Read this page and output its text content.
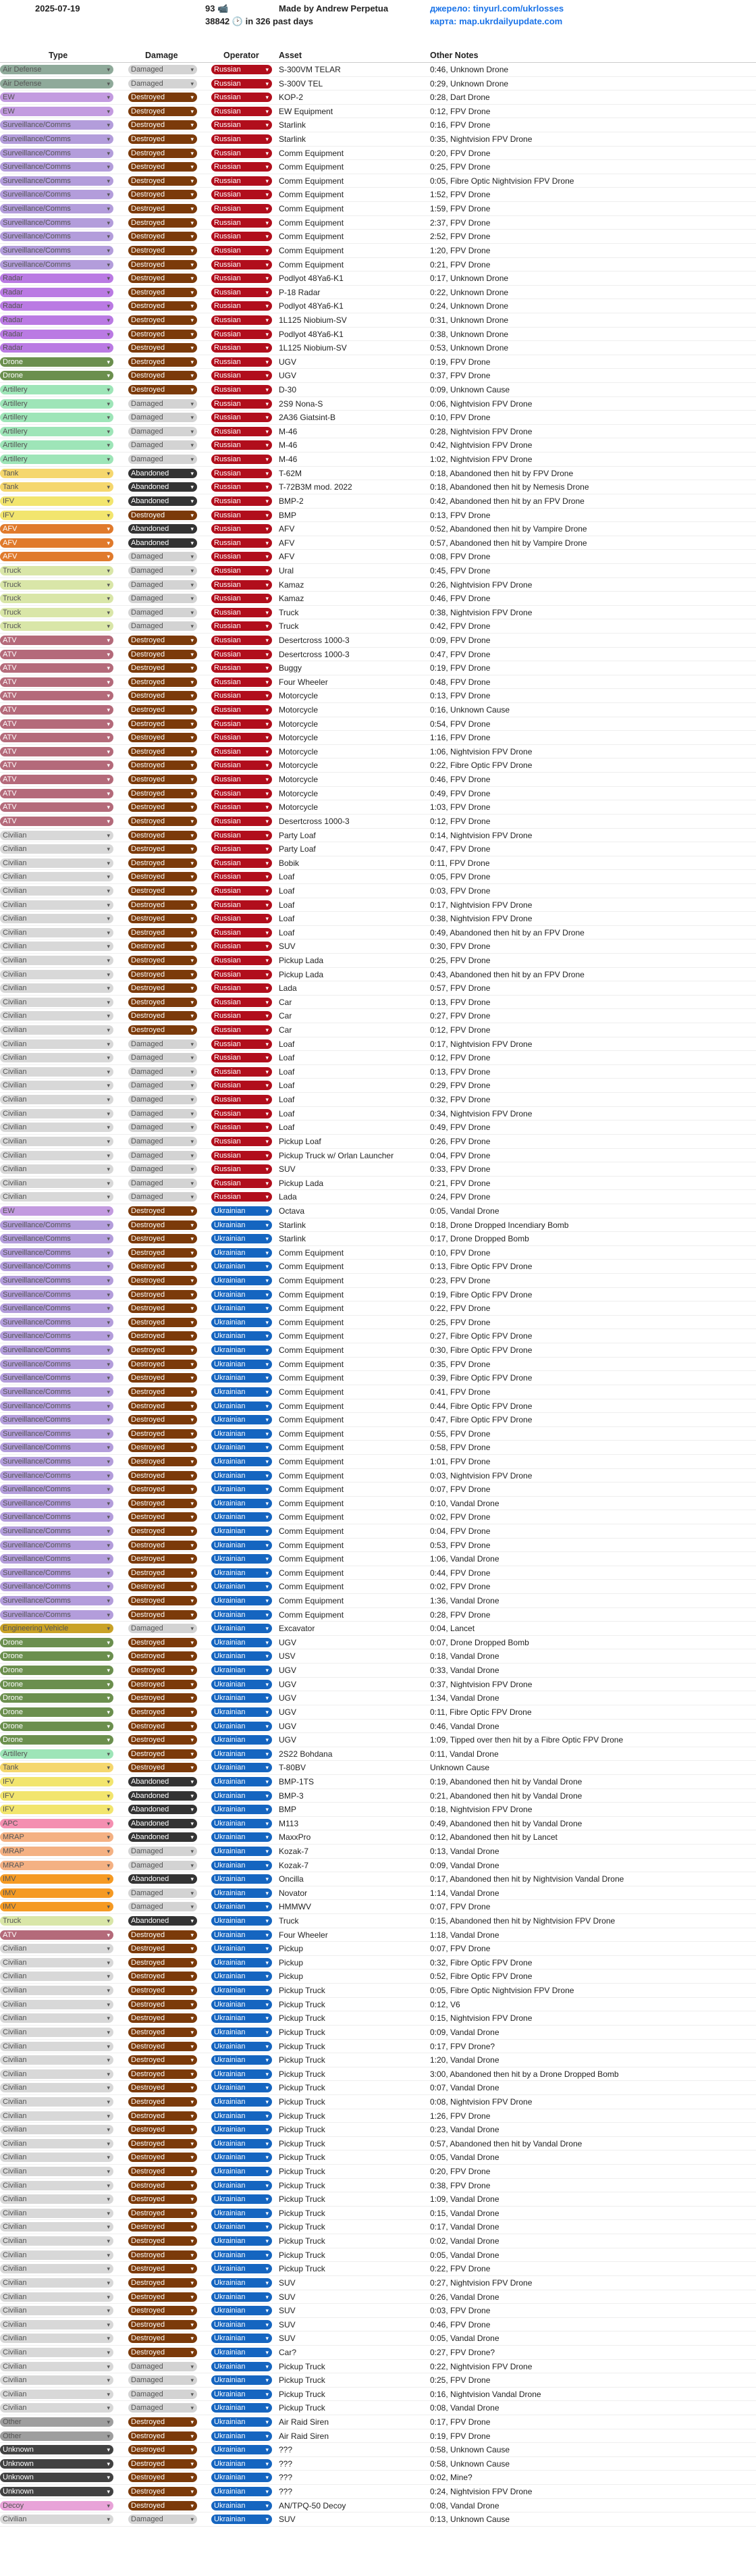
2025-07-19	93 📹
38842 🕑 in 326 past days
Made by Andrew Perpetua	джерело: tinyurl.com/ukrlosses
карта: map.ukrdailyupdate.com
Type	Damage	Operator Asset	Other Notes
Air Defense	▾	Damaged	▾	Russian	▾ S-300VM TELAR	0:46, Unknown Drone
Air Defense	▾	Damaged	▾	Russian	▾ S-300V TEL	0:29, Unknown Drone
EW	▾	Destroyed	▾	Russian	▾ KOP-2	0:28, Dart Drone
EW	▾	Destroyed	▾	Russian	▾ EW Equipment	0:12, FPV Drone
Surveillance/Comms	▾	Destroyed	▾	Russian	▾ Starlink	0:16, FPV Drone
Surveillance/Comms	▾	Destroyed	▾	Russian	▾ Starlink	0:35, Nightvision FPV Drone
Surveillance/Comms	▾	Destroyed	▾	Russian	▾ Comm Equipment	0:20, FPV Drone
Surveillance/Comms	▾	Destroyed	▾	Russian	▾ Comm Equipment	0:25, FPV Drone
Surveillance/Comms	▾	Destroyed	▾	Russian	▾ Comm Equipment	0:05, Fibre Optic Nightvision FPV Drone
Surveillance/Comms	▾	Destroyed	▾	Russian	▾ Comm Equipment	1:52, FPV Drone
Surveillance/Comms	▾	Destroyed	▾	Russian	▾ Comm Equipment	1:59, FPV Drone
Surveillance/Comms	▾	Destroyed	▾	Russian	▾ Comm Equipment	2:37, FPV Drone
Surveillance/Comms	▾	Destroyed	▾	Russian	▾ Comm Equipment	2:52, FPV Drone
Surveillance/Comms	▾	Destroyed	▾	Russian	▾ Comm Equipment	1:20, FPV Drone
Surveillance/Comms	▾	Destroyed	▾	Russian	▾ Comm Equipment	0:21, FPV Drone
Radar	▾	Destroyed	▾	Russian	▾ Podlyot 48Ya6-K1	0:17, Unknown Drone
Radar	▾	Destroyed	▾	Russian	▾ P-18 Radar	0:22, Unknown Drone
Radar	▾	Destroyed	▾	Russian	▾ Podlyot 48Ya6-K1	0:24, Unknown Drone
Radar	▾	Destroyed	▾	Russian	▾ 1L125 Niobium-SV	0:31, Unknown Drone
Radar	▾	Destroyed	▾	Russian	▾ Podlyot 48Ya6-K1	0:38, Unknown Drone
Radar	▾	Destroyed	▾	Russian	▾ 1L125 Niobium-SV	0:53, Unknown Drone
Drone	▾	Destroyed	▾	Russian	▾ UGV	0:19, FPV Drone
Drone	▾	Destroyed	▾	Russian	▾ UGV	0:37, FPV Drone
Artillery	▾	Destroyed	▾	Russian	▾ D-30	0:09, Unknown Cause
Artillery	▾	Damaged	▾	Russian	▾ 2S9 Nona-S	0:06, Nightvision FPV Drone
Artillery	▾	Damaged	▾	Russian	▾ 2A36 Giatsint-B	0:10, FPV Drone
Artillery	▾	Damaged	▾	Russian	▾ M-46	0:28, Nightvision FPV Drone
Artillery	▾	Damaged	▾	Russian	▾ M-46	0:42, Nightvision FPV Drone
Artillery	▾	Damaged	▾	Russian	▾ M-46	1:02, Nightvision FPV Drone
Tank	▾	Abandoned	▾	Russian	▾ T-62M	0:18, Abandoned then hit by FPV Drone
Tank	▾	Abandoned	▾	Russian	▾ T-72B3M mod. 2022	0:18, Abandoned then hit by Nemesis Drone
IFV	▾	Abandoned	▾	Russian	▾ BMP-2	0:42, Abandoned then hit by an FPV Drone
IFV	▾	Destroyed	▾	Russian	▾ BMP	0:13, FPV Drone
AFV	▾	Abandoned	▾	Russian	▾ AFV	0:52, Abandoned then hit by Vampire Drone
AFV	▾	Abandoned	▾	Russian	▾ AFV	0:57, Abandoned then hit by Vampire Drone
AFV	▾	Damaged	▾	Russian	▾ AFV	0:08, FPV Drone
Truck	▾	Damaged	▾	Russian	▾ Ural	0:45, FPV Drone
Truck	▾	Damaged	▾	Russian	▾ Kamaz	0:26, Nightvision FPV Drone
Truck	▾	Damaged	▾	Russian	▾ Kamaz	0:46, FPV Drone
Truck	▾	Damaged	▾	Russian	▾ Truck	0:38, Nightvision FPV Drone
Truck	▾	Damaged	▾	Russian	▾ Truck	0:42, FPV Drone
ATV	▾	Destroyed	▾	Russian	▾ Desertcross 1000-3	0:09, FPV Drone
ATV	▾	Destroyed	▾	Russian	▾ Desertcross 1000-3	0:47, FPV Drone
ATV	▾	Destroyed	▾	Russian	▾ Buggy	0:19, FPV Drone
ATV	▾	Destroyed	▾	Russian	▾ Four Wheeler	0:48, FPV Drone
ATV	▾	Destroyed	▾	Russian	▾ Motorcycle	0:13, FPV Drone
ATV	▾	Destroyed	▾	Russian	▾ Motorcycle	0:16, Unknown Cause
ATV	▾	Destroyed	▾	Russian	▾ Motorcycle	0:54, FPV Drone
ATV	▾	Destroyed	▾	Russian	▾ Motorcycle	1:16, FPV Drone
ATV	▾	Destroyed	▾	Russian	▾ Motorcycle	1:06, Nightvision FPV Drone
ATV	▾	Destroyed	▾	Russian	▾ Motorcycle	0:22, Fibre Optic FPV Drone
ATV	▾	Destroyed	▾	Russian	▾ Motorcycle	0:46, FPV Drone
ATV	▾	Destroyed	▾	Russian	▾ Motorcycle	0:49, FPV Drone
ATV	▾	Destroyed	▾	Russian	▾ Motorcycle	1:03, FPV Drone
ATV	▾	Destroyed	▾	Russian	▾ Desertcross 1000-3	0:12, FPV Drone
Civilian	▾	Destroyed	▾	Russian	▾ Party Loaf	0:14, Nightvision FPV Drone
Civilian	▾	Destroyed	▾	Russian	▾ Party Loaf	0:47, FPV Drone
Civilian	▾	Destroyed	▾	Russian	▾ Bobik	0:11, FPV Drone
Civilian	▾	Destroyed	▾	Russian	▾ Loaf	0:05, FPV Drone
Civilian	▾	Destroyed	▾	Russian	▾ Loaf	0:03, FPV Drone
Civilian	▾	Destroyed	▾	Russian	▾ Loaf	0:17, Nightvision FPV Drone
Civilian	▾	Destroyed	▾	Russian	▾ Loaf	0:38, Nightvision FPV Drone
Civilian	▾	Destroyed	▾	Russian	▾ Loaf	0:49, Abandoned then hit by an FPV Drone
Civilian	▾	Destroyed	▾	Russian	▾ SUV	0:30, FPV Drone
Civilian	▾	Destroyed	▾	Russian	▾ Pickup Lada	0:25, FPV Drone
Civilian	▾	Destroyed	▾	Russian	▾ Pickup Lada	0:43, Abandoned then hit by an FPV Drone
Civilian	▾	Destroyed	▾	Russian	▾ Lada	0:57, FPV Drone
Civilian	▾	Destroyed	▾	Russian	▾ Car	0:13, FPV Drone
Civilian	▾	Destroyed	▾	Russian	▾ Car	0:27, FPV Drone
Civilian	▾	Destroyed	▾	Russian	▾ Car	0:12, FPV Drone
Civilian	▾	Damaged	▾	Russian	▾ Loaf	0:17, Nightvision FPV Drone
Civilian	▾	Damaged	▾	Russian	▾ Loaf	0:12, FPV Drone
Civilian	▾	Damaged	▾	Russian	▾ Loaf	0:13, FPV Drone
Civilian	▾	Damaged	▾	Russian	▾ Loaf	0:29, FPV Drone
Civilian	▾	Damaged	▾	Russian	▾ Loaf	0:32, FPV Drone
Civilian	▾	Damaged	▾	Russian	▾ Loaf	0:34, Nightvision FPV Drone
Civilian	▾	Damaged	▾	Russian	▾ Loaf	0:49, FPV Drone
Civilian	▾	Damaged	▾	Russian	▾ Pickup Loaf	0:26, FPV Drone
Civilian	▾	Damaged	▾	Russian	▾ Pickup Truck w/ Orlan Launcher	0:04, FPV Drone
Civilian	▾	Damaged	▾	Russian	▾ SUV	0:33, FPV Drone
Civilian	▾	Damaged	▾	Russian	▾ Pickup Lada	0:21, FPV Drone
Civilian	▾	Damaged	▾	Russian	▾ Lada	0:24, FPV Drone
EW	▾	Destroyed	▾	Ukrainian	▾ Octava	0:05, Vandal Drone
Surveillance/Comms	▾	Destroyed	▾	Ukrainian	▾ Starlink	0:18, Drone Dropped Incendiary Bomb
Surveillance/Comms	▾	Destroyed	▾	Ukrainian	▾ Starlink	0:17, Drone Dropped Bomb
Surveillance/Comms	▾	Destroyed	▾	Ukrainian	▾ Comm Equipment	0:10, FPV Drone
Surveillance/Comms	▾	Destroyed	▾	Ukrainian	▾ Comm Equipment	0:13, Fibre Optic FPV Drone
Surveillance/Comms	▾	Destroyed	▾	Ukrainian	▾ Comm Equipment	0:23, FPV Drone
Surveillance/Comms	▾	Destroyed	▾	Ukrainian	▾ Comm Equipment	0:19, Fibre Optic FPV Drone
Surveillance/Comms	▾	Destroyed	▾	Ukrainian	▾ Comm Equipment	0:22, FPV Drone
Surveillance/Comms	▾	Destroyed	▾	Ukrainian	▾ Comm Equipment	0:25, FPV Drone
Surveillance/Comms	▾	Destroyed	▾	Ukrainian	▾ Comm Equipment	0:27, Fibre Optic FPV Drone
Surveillance/Comms	▾	Destroyed	▾	Ukrainian	▾ Comm Equipment	0:30, Fibre Optic FPV Drone
Surveillance/Comms	▾	Destroyed	▾	Ukrainian	▾ Comm Equipment	0:35, FPV Drone
Surveillance/Comms	▾	Destroyed	▾	Ukrainian	▾ Comm Equipment	0:39, Fibre Optic FPV Drone
Surveillance/Comms	▾	Destroyed	▾	Ukrainian	▾ Comm Equipment	0:41, FPV Drone
Surveillance/Comms	▾	Destroyed	▾	Ukrainian	▾ Comm Equipment	0:44, Fibre Optic FPV Drone
Surveillance/Comms	▾	Destroyed	▾	Ukrainian	▾ Comm Equipment	0:47, Fibre Optic FPV Drone
Surveillance/Comms	▾	Destroyed	▾	Ukrainian	▾ Comm Equipment	0:55, FPV Drone
Surveillance/Comms	▾	Destroyed	▾	Ukrainian	▾ Comm Equipment	0:58, FPV Drone
Surveillance/Comms	▾	Destroyed	▾	Ukrainian	▾ Comm Equipment	1:01, FPV Drone
Surveillance/Comms	▾	Destroyed	▾	Ukrainian	▾ Comm Equipment	0:03, Nightvision FPV Drone
Surveillance/Comms	▾	Destroyed	▾	Ukrainian	▾ Comm Equipment	0:07, FPV Drone
Surveillance/Comms	▾	Destroyed	▾	Ukrainian	▾ Comm Equipment	0:10, Vandal Drone
Surveillance/Comms	▾	Destroyed	▾	Ukrainian	▾ Comm Equipment	0:02, FPV Drone
Surveillance/Comms	▾	Destroyed	▾	Ukrainian	▾ Comm Equipment	0:04, FPV Drone
Surveillance/Comms	▾	Destroyed	▾	Ukrainian	▾ Comm Equipment	0:53, FPV Drone
Surveillance/Comms	▾	Destroyed	▾	Ukrainian	▾ Comm Equipment	1:06, Vandal Drone
Surveillance/Comms	▾	Destroyed	▾	Ukrainian	▾ Comm Equipment	0:44, FPV Drone
Surveillance/Comms	▾	Destroyed	▾	Ukrainian	▾ Comm Equipment	0:02, FPV Drone
Surveillance/Comms	▾	Destroyed	▾	Ukrainian	▾ Comm Equipment	1:36, Vandal Drone
Surveillance/Comms	▾	Destroyed	▾	Ukrainian	▾ Comm Equipment	0:28, FPV Drone
Engineering Vehicle	▾	Damaged	▾	Ukrainian	▾ Excavator	0:04, Lancet
Drone	▾	Destroyed	▾	Ukrainian	▾ UGV	0:07, Drone Dropped Bomb
Drone	▾	Destroyed	▾	Ukrainian	▾ USV	0:18, Vandal Drone
Drone	▾	Destroyed	▾	Ukrainian	▾ UGV	0:33, Vandal Drone
Drone	▾	Destroyed	▾	Ukrainian	▾ UGV	0:37, Nightvision FPV Drone
Drone	▾	Destroyed	▾	Ukrainian	▾ UGV	1:34, Vandal Drone
Drone	▾	Destroyed	▾	Ukrainian	▾ UGV	0:11, Fibre Optic FPV Drone
Drone	▾	Destroyed	▾	Ukrainian	▾ UGV	0:46, Vandal Drone
Drone	▾	Destroyed	▾	Ukrainian	▾ UGV	1:09, Tipped over then hit by a Fibre Optic FPV Drone
Artillery	▾	Destroyed	▾	Ukrainian	▾ 2S22 Bohdana	0:11, Vandal Drone
Tank	▾	Destroyed	▾	Ukrainian	▾ T-80BV	Unknown Cause
IFV	▾	Abandoned	▾	Ukrainian	▾ BMP-1TS	0:19, Abandoned then hit by Vandal Drone
IFV	▾	Abandoned	▾	Ukrainian	▾ BMP-3	0:21, Abandoned then hit by Vandal Drone
IFV	▾	Abandoned	▾	Ukrainian	▾ BMP	0:18, Nightvision FPV Drone
APC	▾	Abandoned	▾	Ukrainian	▾ M113	0:49, Abandoned then hit by Vandal Drone
MRAP	▾	Abandoned	▾	Ukrainian	▾ MaxxPro	0:12, Abandoned then hit by Lancet
MRAP	▾	Damaged	▾	Ukrainian	▾ Kozak-7	0:13, Vandal Drone
MRAP	▾	Damaged	▾	Ukrainian	▾ Kozak-7	0:09, Vandal Drone
IMV	▾	Abandoned	▾	Ukrainian	▾ Oncilla	0:17, Abandoned then hit by Nightvision Vandal Drone
IMV	▾	Damaged	▾	Ukrainian	▾ Novator	1:14, Vandal Drone
IMV	▾	Damaged	▾	Ukrainian	▾ HMMWV	0:07, FPV Drone
Truck	▾	Abandoned	▾	Ukrainian	▾ Truck	0:15, Abandoned then hit by Nightvision FPV Drone
ATV	▾	Destroyed	▾	Ukrainian	▾ Four Wheeler	1:18, Vandal Drone
Civilian	▾	Destroyed	▾	Ukrainian	▾ Pickup	0:07, FPV Drone
Civilian	▾	Destroyed	▾	Ukrainian	▾ Pickup	0:32, Fibre Optic FPV Drone
Civilian	▾	Destroyed	▾	Ukrainian	▾ Pickup	0:52, Fibre Optic FPV Drone
Civilian	▾	Destroyed	▾	Ukrainian	▾ Pickup Truck	0:05, Fibre Optic Nightvision FPV Drone
Civilian	▾	Destroyed	▾	Ukrainian	▾ Pickup Truck	0:12, V6
Civilian	▾	Destroyed	▾	Ukrainian	▾ Pickup Truck	0:15, Nightvision FPV Drone
Civilian	▾	Destroyed	▾	Ukrainian	▾ Pickup Truck	0:09, Vandal Drone
Civilian	▾	Destroyed	▾	Ukrainian	▾ Pickup Truck	0:17, FPV Drone?
Civilian	▾	Destroyed	▾	Ukrainian	▾ Pickup Truck	1:20, Vandal Drone
Civilian	▾	Destroyed	▾	Ukrainian	▾ Pickup Truck	3:00, Abandoned then hit by a Drone Dropped Bomb
Civilian	▾	Destroyed	▾	Ukrainian	▾ Pickup Truck	0:07, Vandal Drone
Civilian	▾	Destroyed	▾	Ukrainian	▾ Pickup Truck	0:08, Nightvision FPV Drone
Civilian	▾	Destroyed	▾	Ukrainian	▾ Pickup Truck	1:26, FPV Drone
Civilian	▾	Destroyed	▾	Ukrainian	▾ Pickup Truck	0:23, Vandal Drone
Civilian	▾	Destroyed	▾	Ukrainian	▾ Pickup Truck	0:57, Abandoned then hit by Vandal Drone
Civilian	▾	Destroyed	▾	Ukrainian	▾ Pickup Truck	0:05, Vandal Drone
Civilian	▾	Destroyed	▾	Ukrainian	▾ Pickup Truck	0:20, FPV Drone
Civilian	▾	Destroyed	▾	Ukrainian	▾ Pickup Truck	0:38, FPV Drone
Civilian	▾	Destroyed	▾	Ukrainian	▾ Pickup Truck	1:09, Vandal Drone
Civilian	▾	Destroyed	▾	Ukrainian	▾ Pickup Truck	0:15, Vandal Drone
Civilian	▾	Destroyed	▾	Ukrainian	▾ Pickup Truck	0:17, Vandal Drone
Civilian	▾	Destroyed	▾	Ukrainian	▾ Pickup Truck	0:02, Vandal Drone
Civilian	▾	Destroyed	▾	Ukrainian	▾ Pickup Truck	0:05, Vandal Drone
Civilian	▾	Destroyed	▾	Ukrainian	▾ Pickup Truck	0:22, FPV Drone
Civilian	▾	Destroyed	▾	Ukrainian	▾ SUV	0:27, Nightvision FPV Drone
Civilian	▾	Destroyed	▾	Ukrainian	▾ SUV	0:26, Vandal Drone
Civilian	▾	Destroyed	▾	Ukrainian	▾ SUV	0:03, FPV Drone
Civilian	▾	Destroyed	▾	Ukrainian	▾ SUV	0:46, FPV Drone
Civilian	▾	Destroyed	▾	Ukrainian	▾ SUV	0:05, Vandal Drone
Civilian	▾	Destroyed	▾	Ukrainian	▾ Car?	0:27, FPV Drone?
Civilian	▾	Damaged	▾	Ukrainian	▾ Pickup Truck	0:22, Nightvision FPV Drone
Civilian	▾	Damaged	▾	Ukrainian	▾ Pickup Truck	0:25, FPV Drone
Civilian	▾	Damaged	▾	Ukrainian	▾ Pickup Truck	0:16, Nightvision Vandal Drone
Civilian	▾	Damaged	▾	Ukrainian	▾ Pickup Truck	0:08, Vandal Drone
Other	▾	Destroyed	▾	Ukrainian	▾ Air Raid Siren	0:17, FPV Drone
Other	▾	Destroyed	▾	Ukrainian	▾ Air Raid Siren	0:19, FPV Drone
Unknown	▾	Destroyed	▾	Ukrainian	▾ ???	0:58, Unknown Cause
Unknown	▾	Destroyed	▾	Ukrainian	▾ ???	0:58, Unknown Cause
Unknown	▾	Destroyed	▾	Ukrainian	▾ ???	0:02, Mine?
Unknown	▾	Destroyed	▾	Ukrainian	▾ ???	0:24, Nightvision FPV Drone
Decoy	▾	Destroyed	▾	Ukrainian	▾ AN/TPQ-50 Decoy	0:08, Vandal Drone
Civilian	▾	Damaged	▾	Ukrainian	▾ SUV	0:13, Unknown Cause
